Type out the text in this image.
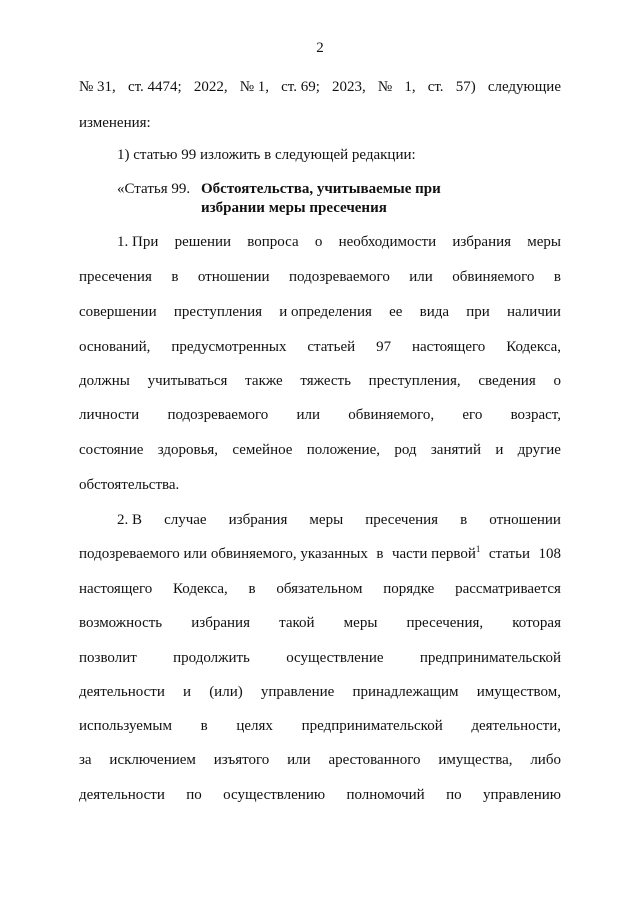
2
№ 31, ст. 4474; 2022, № 1, ст. 69; 2023, № 1, ст. 57) следующие
изменения:
1) статью 99 изложить в следующей редакции:
«Статья 99. Обстоятельства, учитываемые при избрании меры пресечения
1. При решении вопроса о необходимости избрания меры
пресечения в отношении подозреваемого или обвиняемого в
совершении преступления и определения ее вида при наличии
оснований, предусмотренных статьей 97 настоящего Кодекса,
должны учитываться также тяжесть преступления, сведения о
личности подозреваемого или обвиняемого, его возраст,
состояние здоровья, семейное положение, род занятий и другие
обстоятельства.
2. В случае избрания меры пресечения в отношении
подозреваемого или обвиняемого, указанных в части первой$^1$ статьи 108
настоящего Кодекса, в обязательном порядке рассматривается
возможность избрания такой меры пресечения, которая
позволит продолжить осуществление предпринимательской
деятельности и (или) управление принадлежащим имуществом,
используемым в целях предпринимательской деятельности,
за исключением изъятого или арестованного имущества, либо
деятельности по осуществлению полномочий по управлению
